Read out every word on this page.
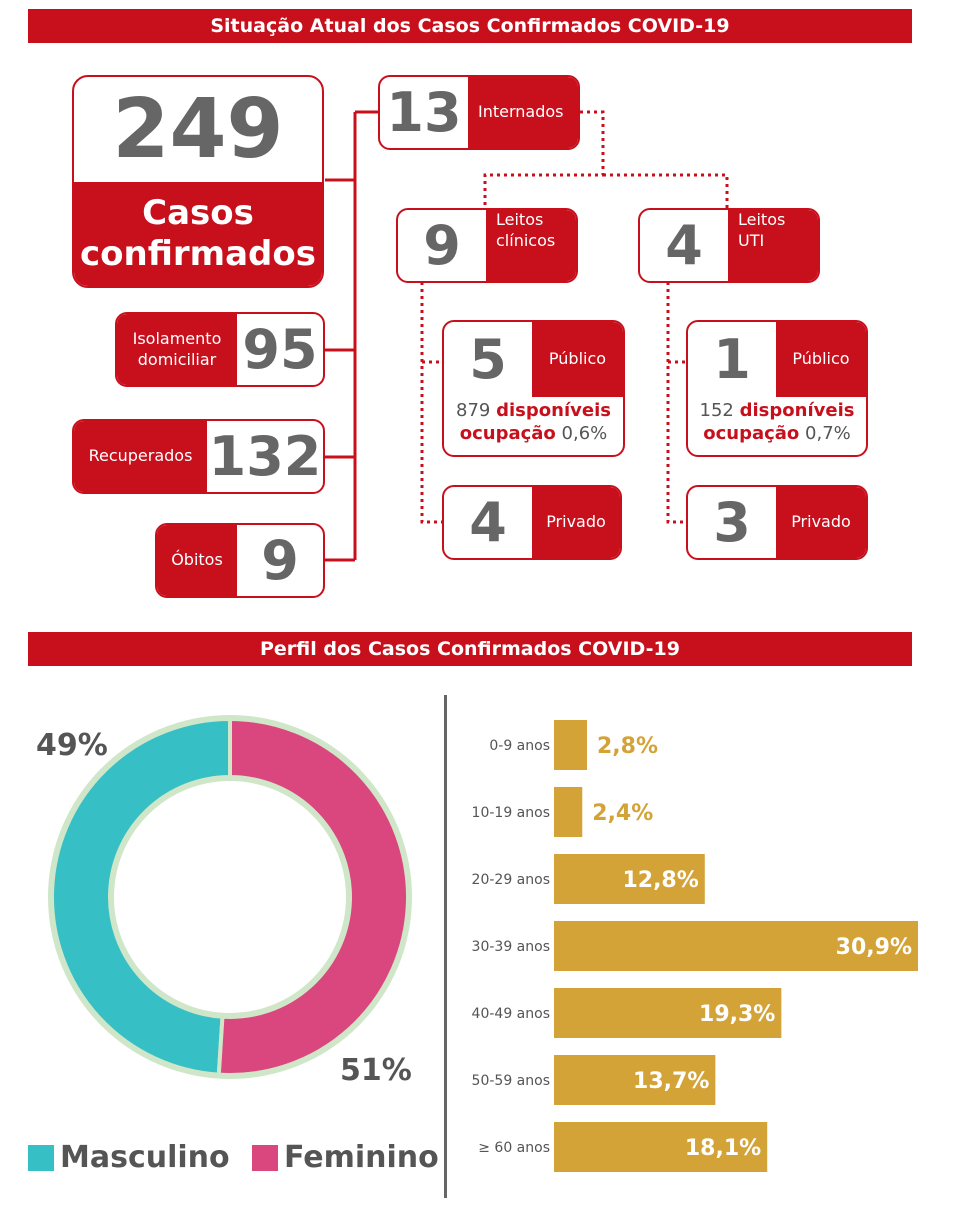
Situação Atual dos Casos Confirmados COVID-19
Perfil dos Casos Confirmados COVID-19
249
Casos
confirmados
Isolamento
domiciliar 95
Recuperados 132
Óbitos 9
13	Internados
9	Leitos
clínicos	4	Leitos
UTI
5	Público
879 disponíveis
ocupação 0,6%
4	Privado
1	Público
152 disponíveis
ocupação 0,7%
3	Privado
49%
51%
Masculino Feminino
0-9 anos 2,8%
10-19 anos 2,4%
20-29 anos	12,8%
30-39 anos	30,9%
40-49 anos	19,3%
50-59 anos	13,7%
≥ 60 anos	18,1%
